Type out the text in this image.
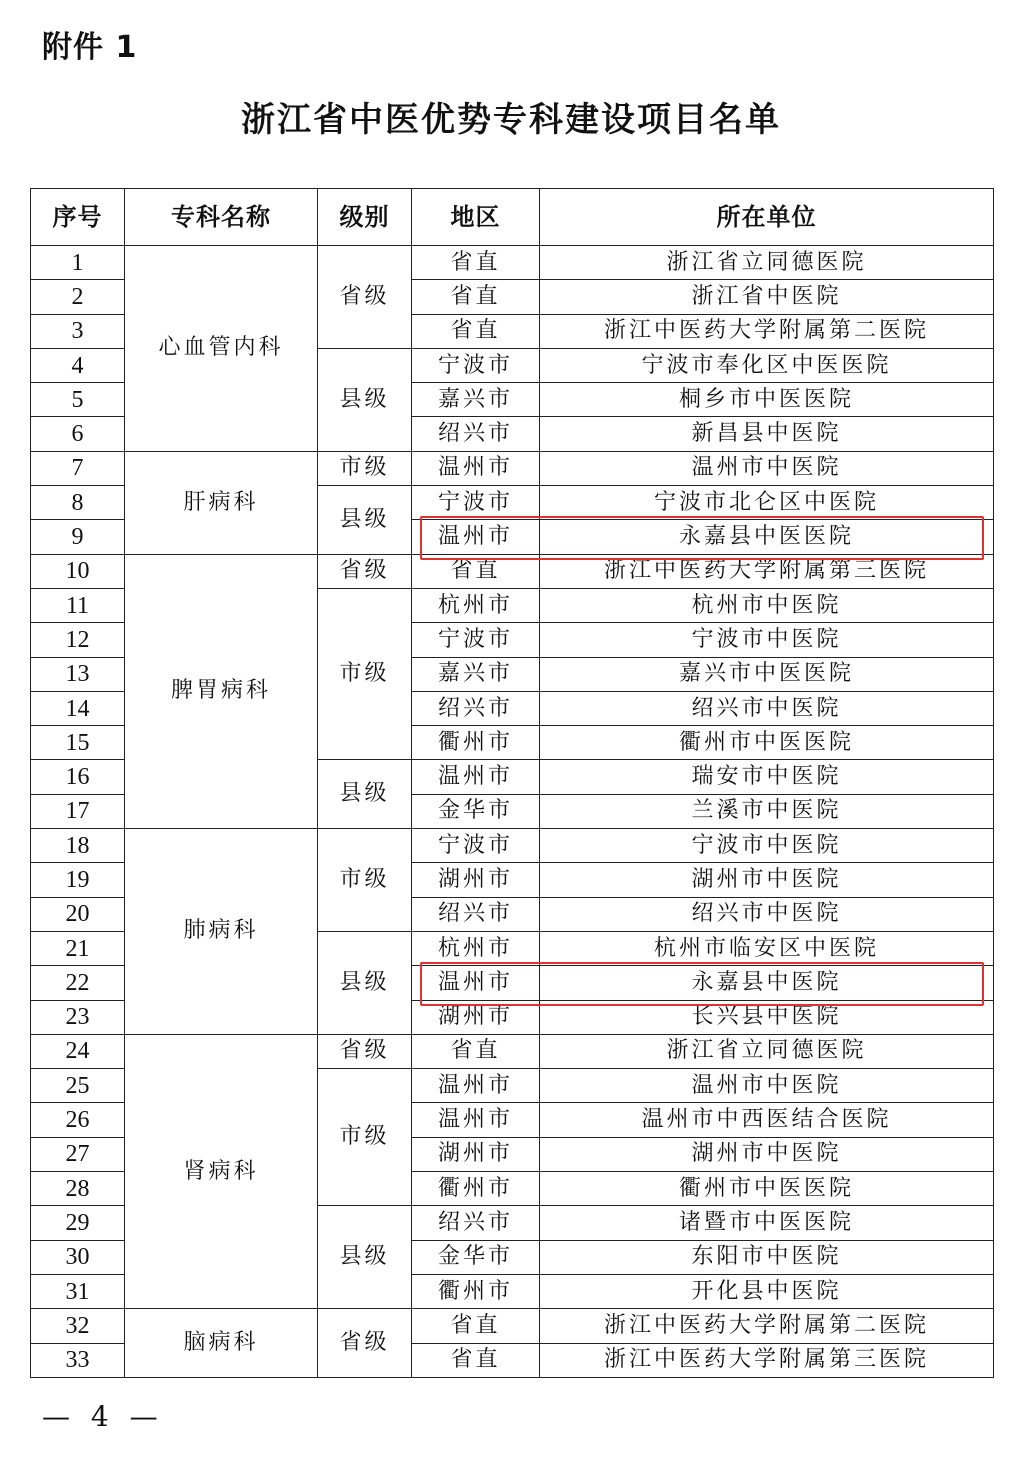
附件 1
浙江省中医优势专科建设项目名单
序号	专科名称	级别	地区	所在单位
1	心血管内科	省级	省直	浙江省立同德医院
2			省直	浙江省中医院
3			省直	浙江中医药大学附属第二医院
4		县级	宁波市	宁波市奉化区中医医院
5			嘉兴市	桐乡市中医医院
6			绍兴市	新昌县中医院
7	肝病科	市级	温州市	温州市中医院
8		县级	宁波市	宁波市北仑区中医院
9			温州市	永嘉县中医医院
10	脾胃病科	省级	省直	浙江中医药大学附属第三医院
11		市级	杭州市	杭州市中医院
12			宁波市	宁波市中医院
13			嘉兴市	嘉兴市中医医院
14			绍兴市	绍兴市中医院
15			衢州市	衢州市中医医院
16		县级	温州市	瑞安市中医院
17			金华市	兰溪市中医院
18	肺病科	市级	宁波市	宁波市中医院
19			湖州市	湖州市中医院
20			绍兴市	绍兴市中医院
21		县级	杭州市	杭州市临安区中医院
22			温州市	永嘉县中医院
23			湖州市	长兴县中医院
24	肾病科	省级	省直	浙江省立同德医院
25		市级	温州市	温州市中医院
26			温州市	温州市中西医结合医院
27			湖州市	湖州市中医院
28			衢州市	衢州市中医医院
29		县级	绍兴市	诸暨市中医医院
30			金华市	东阳市中医院
31			衢州市	开化县中医院
32	脑病科	省级	省直	浙江中医药大学附属第二医院
33			省直	浙江中医药大学附属第三医院
— 4 —
